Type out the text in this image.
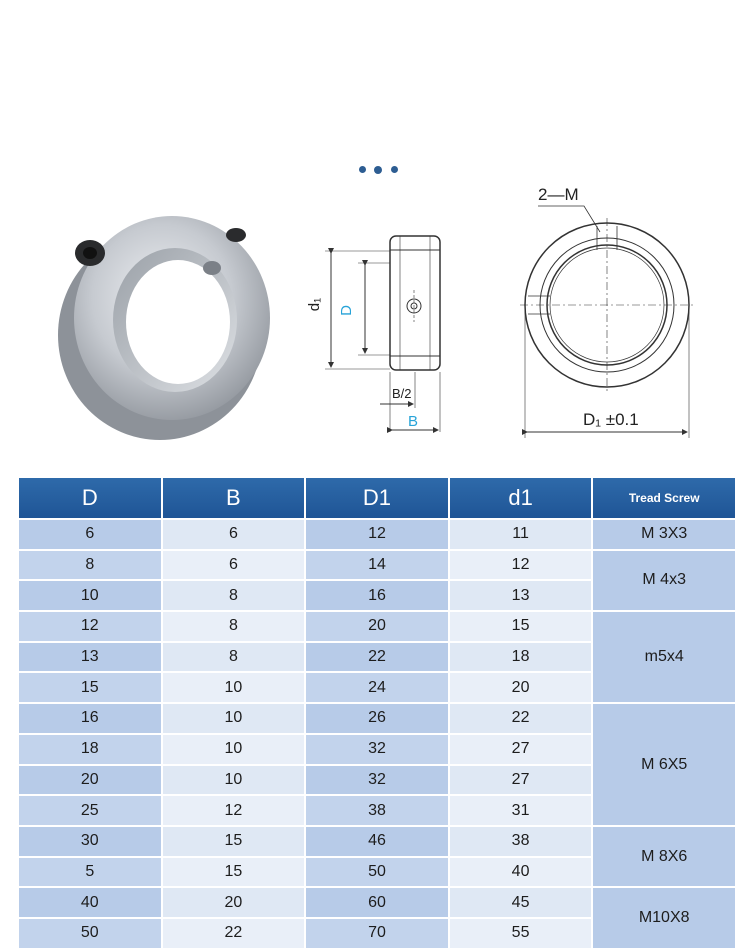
2—M
d₁ D
B/2
B	D₁ ±0.1
D	B	D1	d1	Tread Screw
6	6	12	11	M 3X3
8	6	14	12	M 4x3
10	8	16	13	
12	8	20	15	m5x4
13	8	22	18	
15	10	24	20	
16	10	26	22	M 6X5
18	10	32	27	
20	10	32	27	
25	12	38	31	
30	15	46	38	M 8X6
5	15	50	40	
40	20	60	45	M10X8
50	22	70	55	
